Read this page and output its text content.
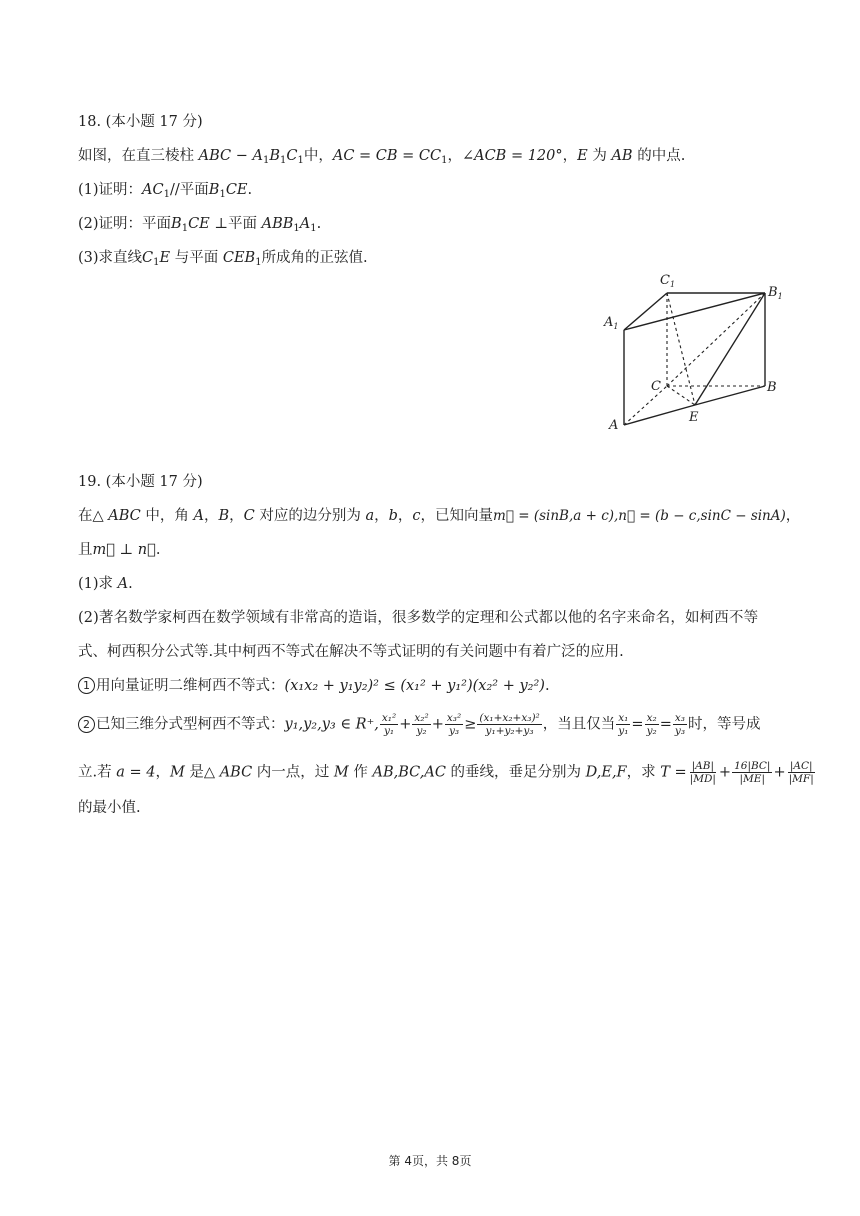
18. (本小题 17 分)
如图，在直三棱柱 ABC − $A_1B_1C_1$中，AC = CB = $CC_1$，∠ACB = 120°，E 为 AB 的中点.
(1)证明：$AC_1//$平面$B_1CE$.
(2)证明：平面$B_1CE$ ⊥平面 $ABB_1A_1$.
(3)求直线$C_1E$ 与平面 $CEB_1$所成角的正弦值.
$C_1$
$B_1$
$A_1$
C	B
A
E
19. (本小题 17 分)
在△ ABC 中，角 A，B，C 对应的边分别为 a，b，c，已知向量m⃗ = (sinB,a + c),n⃗ = (b − c,sinC − sinA)，
且m⃗ ⊥ n⃗.
(1)求 A.
(2)著名数学家柯西在数学领域有非常高的造诣，很多数学的定理和公式都以他的名字来命名，如柯西不等
式、柯西积分公式等.其中柯西不等式在解决不等式证明的有关问题中有着广泛的应用.
1 用向量证明二维柯西不等式：(x₁x₂ + y₁y₂)² ≤ (x₁² + y₁²)(x₂² + y₂²).
2 已知三维分式型柯西不等式：y₁,y₂,y₃ ∈ R⁺, $\frac{\text{x₁²}}{\text{y₁}} + \frac{\text{x₂²}}{\text{y₂}} + \frac{\text{x₃²}}{\text{y₃}} \ge \frac{\text{(x₁+x₂+x₃)²}}{\text{y₁+y₂+y₃}}$ ，当且仅当 $\frac{\text{x₁}}{\text{y₁}} = \frac{\text{x₂}}{\text{y₂}} = \frac{\text{x₃}}{\text{y₃}}$ 时，等号成
立.若 a = 4，M 是△ ABC 内一点，过 M 作 AB,BC,AC 的垂线，垂足分别为 D,E,F，求 $T = \frac{|AB|}{|MD|} + \frac{16|BC|}{|ME|} + \frac{|AC|}{|MF|}$
的最小值.
第 4页，共 8页
